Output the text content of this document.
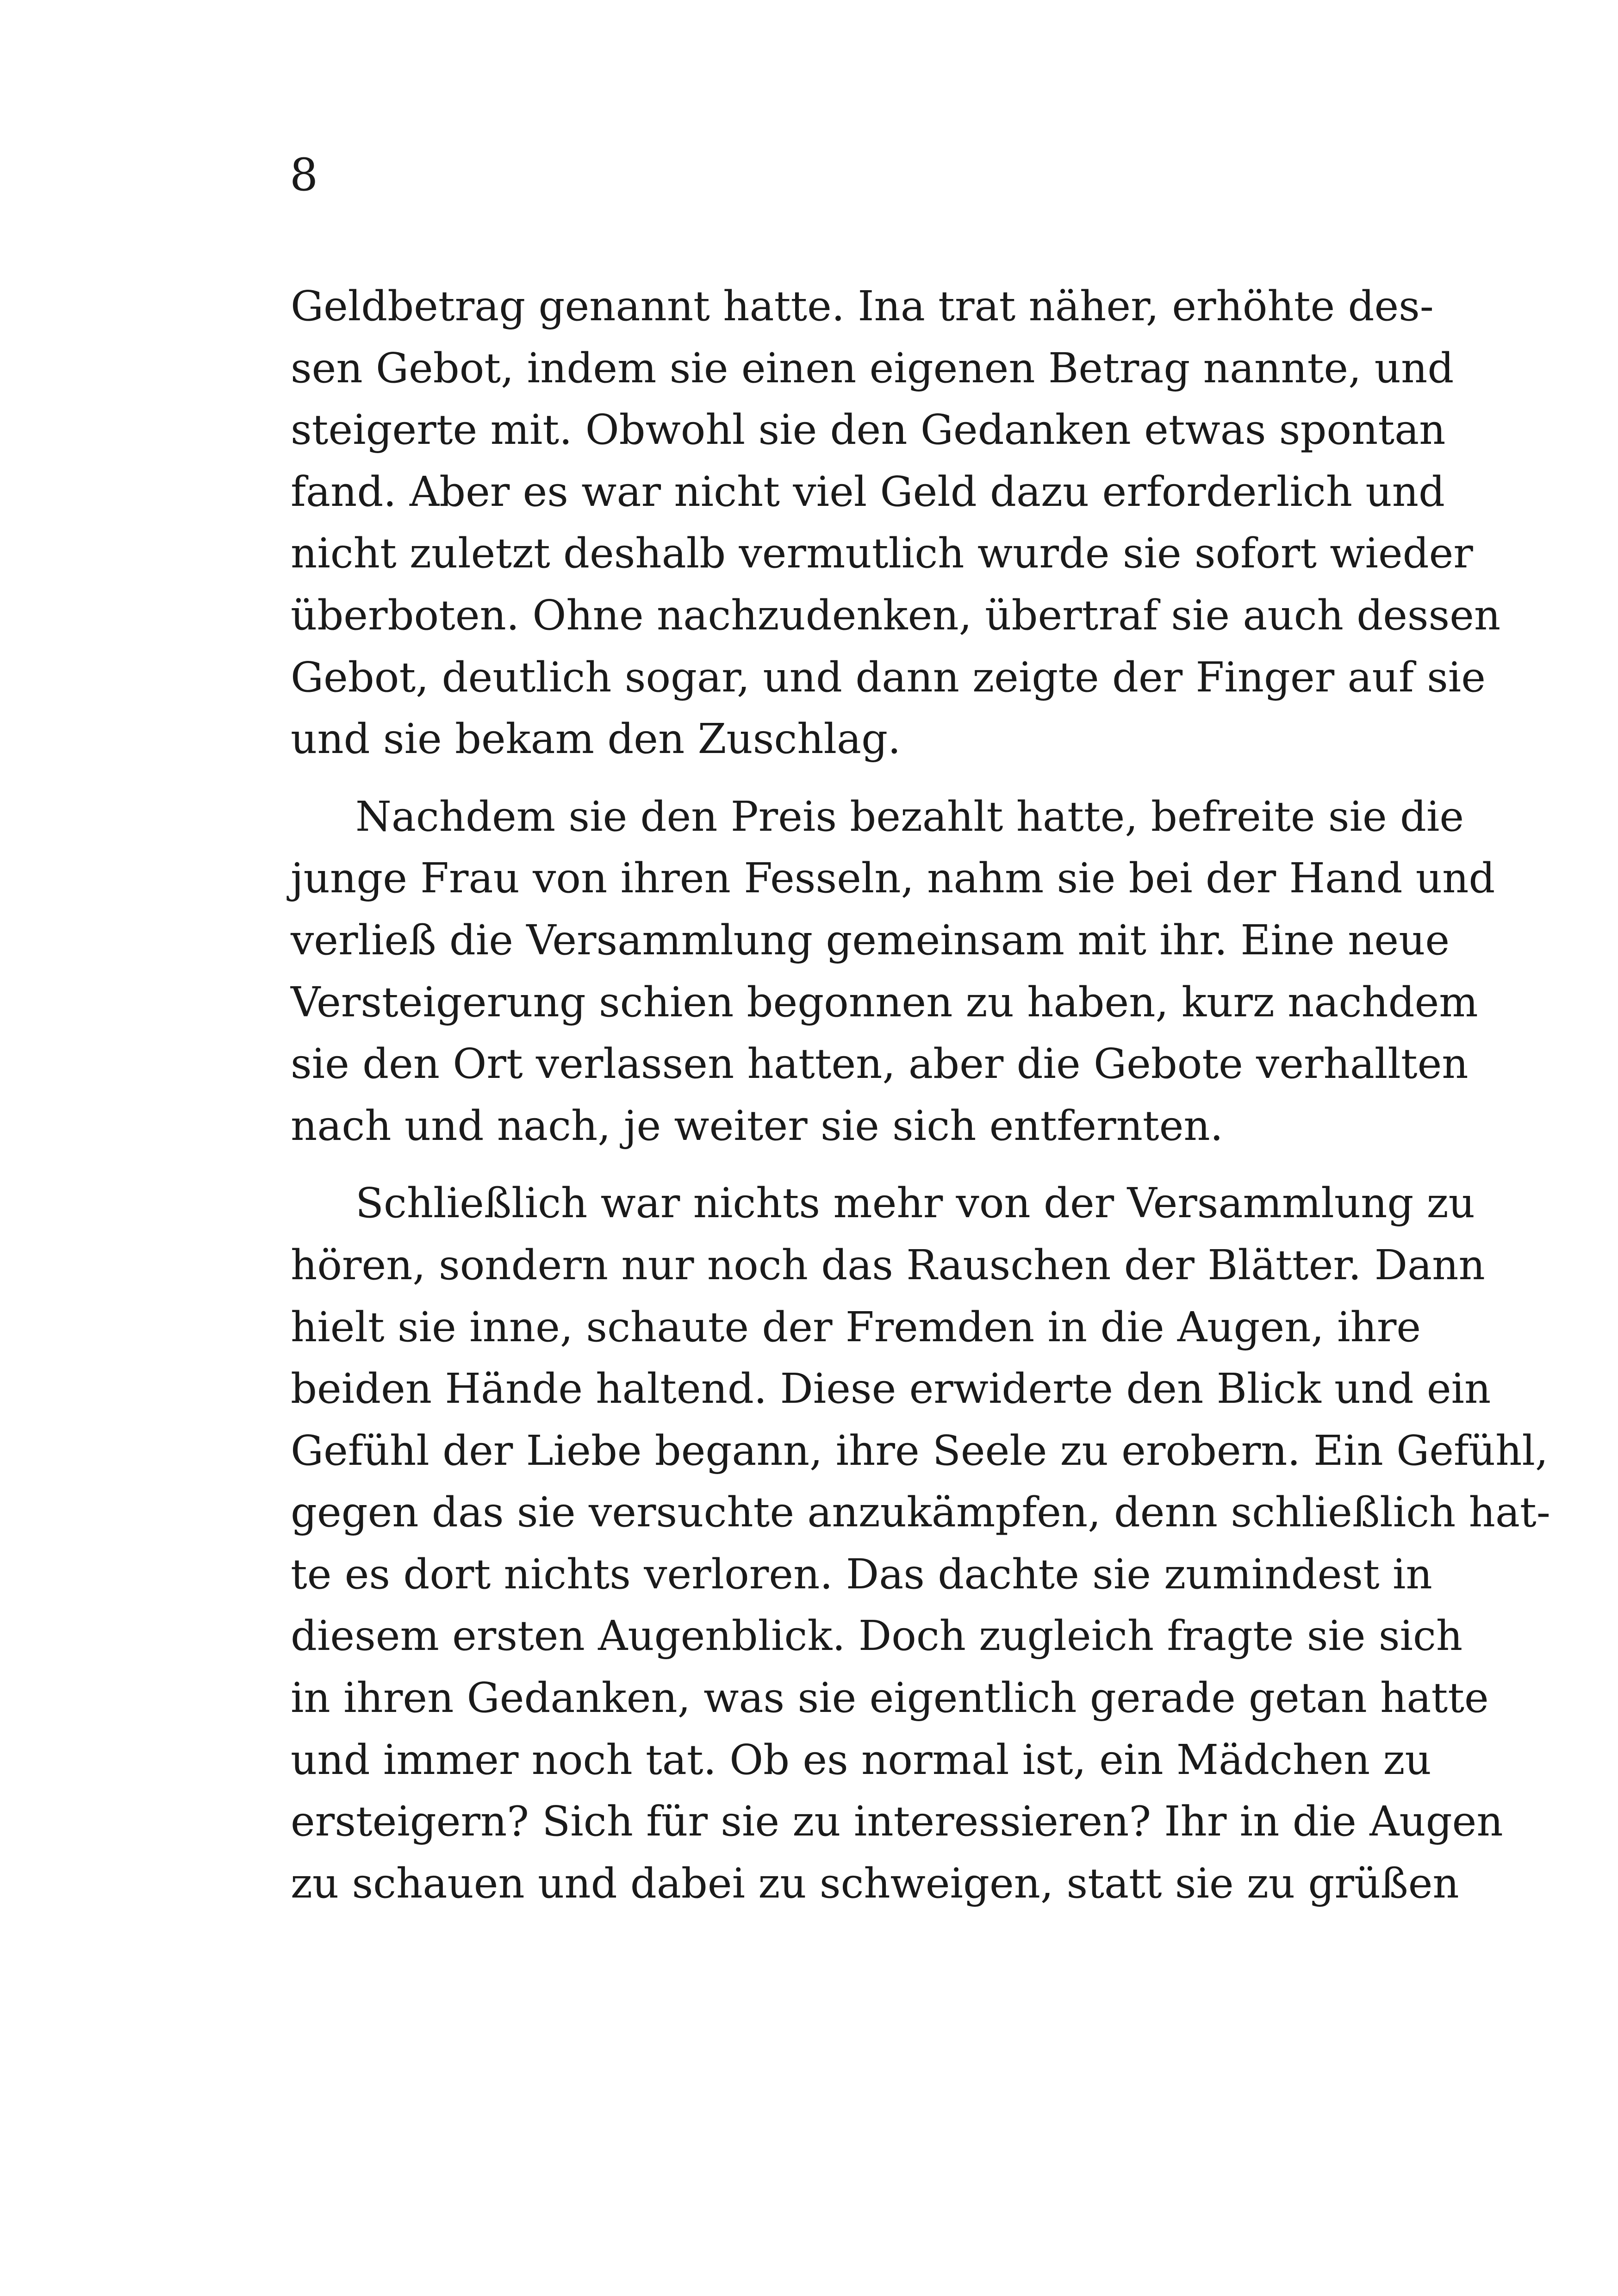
8
Geldbetrag genannt hatte. Ina trat näher, erhöhte des-
sen Gebot, indem sie einen eigenen Betrag nannte, und
steigerte mit. Obwohl sie den Gedanken etwas spontan
fand. Aber es war nicht viel Geld dazu erforderlich und
nicht zuletzt deshalb vermutlich wurde sie sofort wieder
überboten. Ohne nachzudenken, übertraf sie auch dessen
Gebot, deutlich sogar, und dann zeigte der Finger auf sie
und sie bekam den Zuschlag.
Nachdem sie den Preis bezahlt hatte, befreite sie die
junge Frau von ihren Fesseln, nahm sie bei der Hand und
verließ die Versammlung gemeinsam mit ihr. Eine neue
Versteigerung schien begonnen zu haben, kurz nachdem
sie den Ort verlassen hatten, aber die Gebote verhallten
nach und nach, je weiter sie sich entfernten.
Schließlich war nichts mehr von der Versammlung zu
hören, sondern nur noch das Rauschen der Blätter. Dann
hielt sie inne, schaute der Fremden in die Augen, ihre
beiden Hände haltend. Diese erwiderte den Blick und ein
Gefühl der Liebe begann, ihre Seele zu erobern. Ein Gefühl,
gegen das sie versuchte anzukämpfen, denn schließlich hat-
te es dort nichts verloren. Das dachte sie zumindest in
diesem ersten Augenblick. Doch zugleich fragte sie sich
in ihren Gedanken, was sie eigentlich gerade getan hatte
und immer noch tat. Ob es normal ist, ein Mädchen zu
ersteigern? Sich für sie zu interessieren? Ihr in die Augen
zu schauen und dabei zu schweigen, statt sie zu grüßen
